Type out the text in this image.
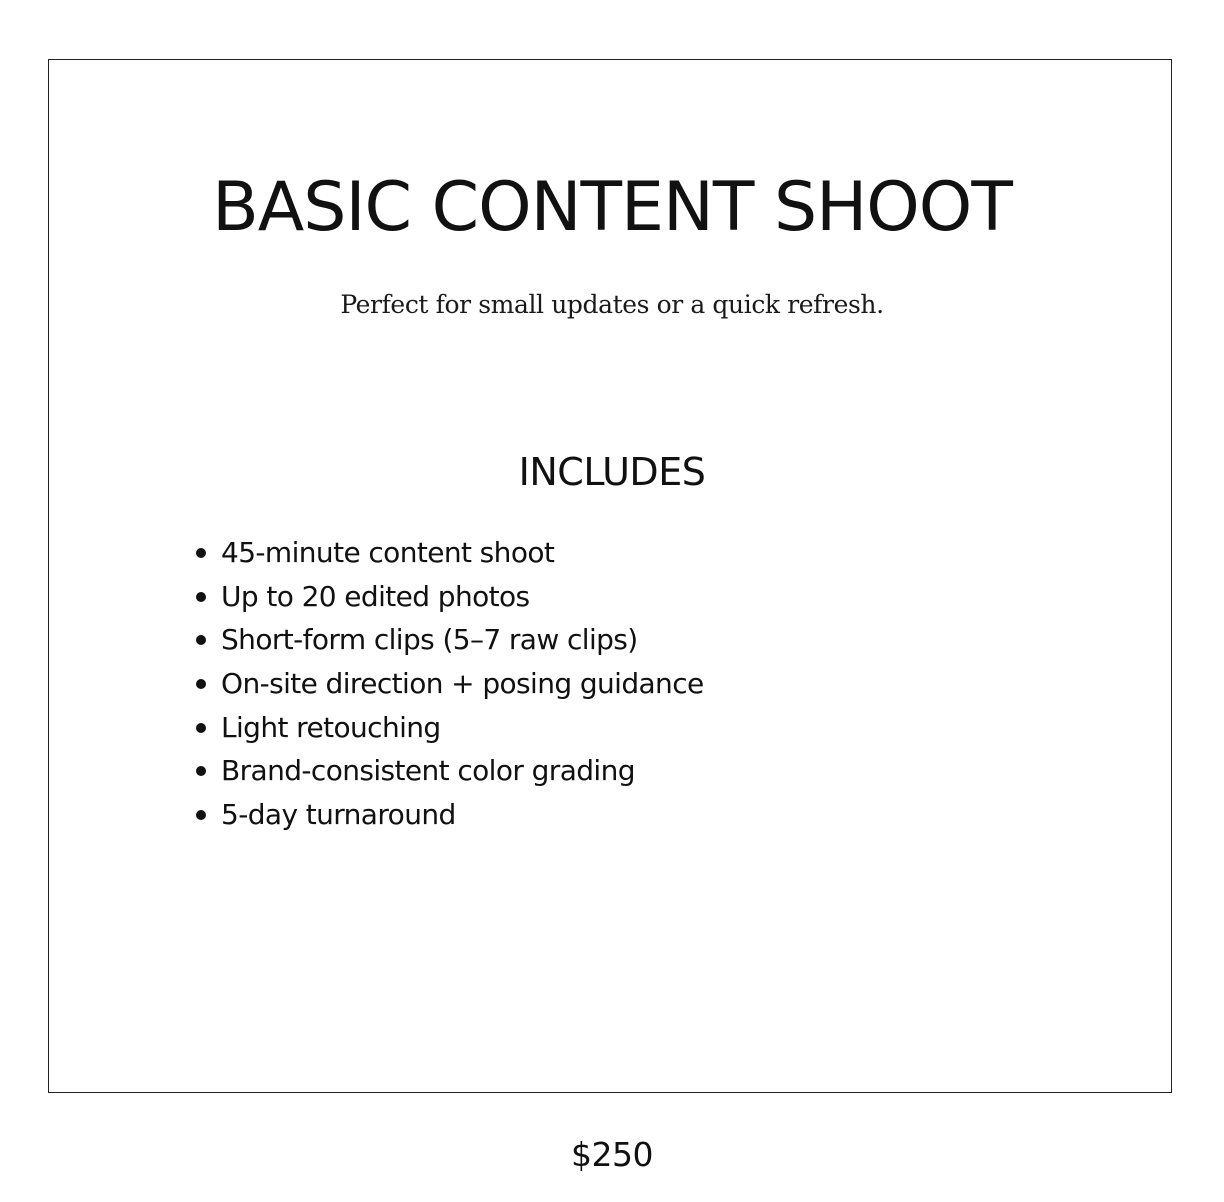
BASIC CONTENT SHOOT

Perfect for small updates or a quick refresh.

INCLUDES
45-minute content shoot
Up to 20 edited photos
Short-form clips (5–7 raw clips)
On-site direction + posing guidance
Light retouching
Brand-consistent color grading
5-day turnaround

$250
